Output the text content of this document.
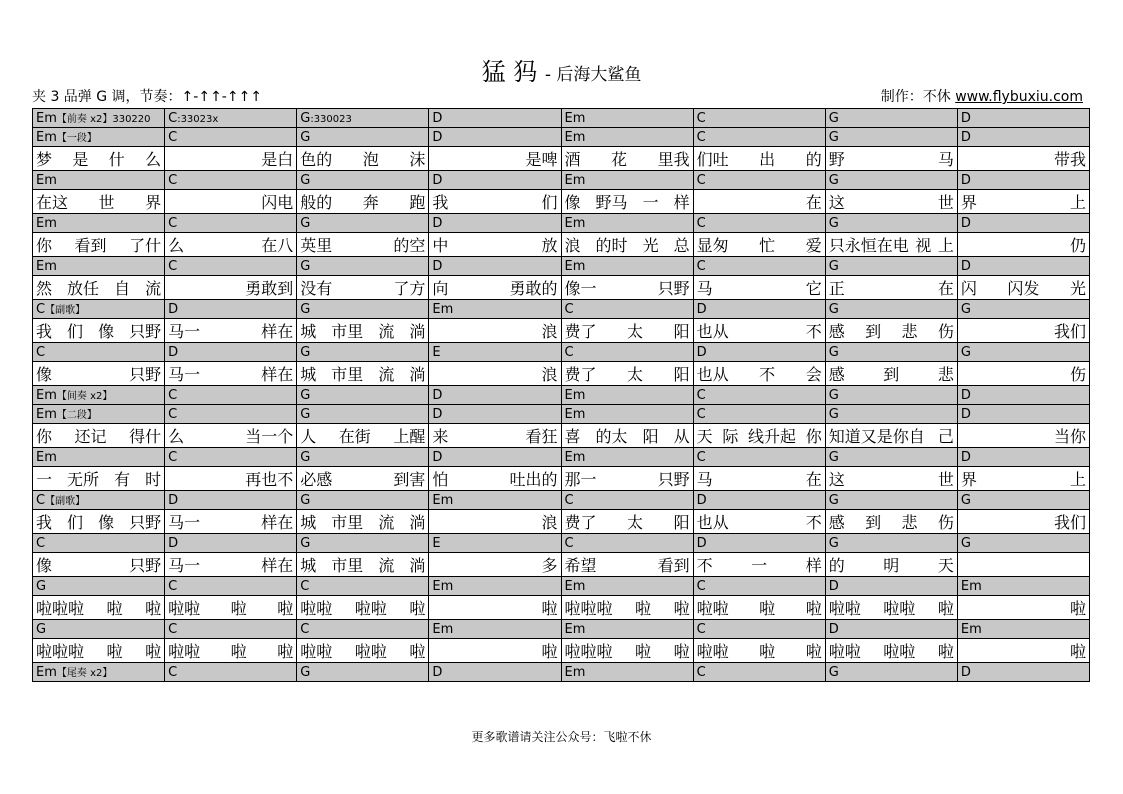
猛 犸 - 后海大鲨鱼
夹 3 品弹 G 调，节奏：↑-↑↑-↑↑↑	制作：不休 www.flybuxiu.com
Em【前奏 x2】330220	C:33023x	G:330023	D	Em	C	G	D
Em【一段】	C	G	D	Em	C	G	D

梦 是 什 么	是白	色的 泡 沫	是啤	酒 花 里我	们吐 出 的	野 马	带我

Em	C	G	D	Em	C	G	D

在这 世 界	闪电	般的 奔 跑	我 们	像 野马 一 样	在	这 世	界 上

Em	C	G	D	Em	C	G	D

你 看到 了什	么 在八	英里 的空	中 放	浪 的时 光 总	显匆 忙 爱	只永恒在电 视 上	仍

Em	C	G	D	Em	C	G	D

然 放任 自 流	勇敢到	没有 了方	向 勇敢的	像一 只野	马 它	正 在	闪 闪发 光

C【副歌】	D	G	Em	C	D	G	G

我 们 像 只野	马一 样在	城 市里 流 淌	浪	费了 太 阳	也从 不	感 到 悲 伤	我们

C	D	G	E	C	D	G	G

像 只野	马一 样在	城 市里 流 淌	浪	费了 太 阳	也从 不 会	感 到 悲	伤

Em【间奏 x2】	C	G	D	Em	C	G	D
Em【二段】	C	G	D	Em	C	G	D

你 还记 得什	么 当一个	人 在街 上醒	来 看狂	喜 的太 阳 从	天 际 线升起 你	知道又是你自 己	当你

Em	C	G	D	Em	C	G	D

一 无所 有 时	再也不	必感 到害	怕 吐出的	那一 只野	马 在	这 世	界 上

C【副歌】	D	G	Em	C	D	G	G

我 们 像 只野	马一 样在	城 市里 流 淌	浪	费了 太 阳	也从 不	感 到 悲 伤	我们

C	D	G	E	C	D	G	G

像 只野	马一 样在	城 市里 流 淌	多	希望 看到	不 一 样	的 明 天	

G	C	C	Em	Em	C	D	Em

啦啦啦 啦 啦	啦啦 啦 啦	啦啦 啦啦 啦	啦	啦啦啦 啦 啦	啦啦 啦 啦	啦啦 啦啦 啦	啦

G	C	C	Em	Em	C	D	Em

啦啦啦 啦 啦	啦啦 啦 啦	啦啦 啦啦 啦	啦	啦啦啦 啦 啦	啦啦 啦 啦	啦啦 啦啦 啦	啦

Em【尾奏 x2】	C	G	D	Em	C	G	D
更多歌谱请关注公众号：飞啦不休
